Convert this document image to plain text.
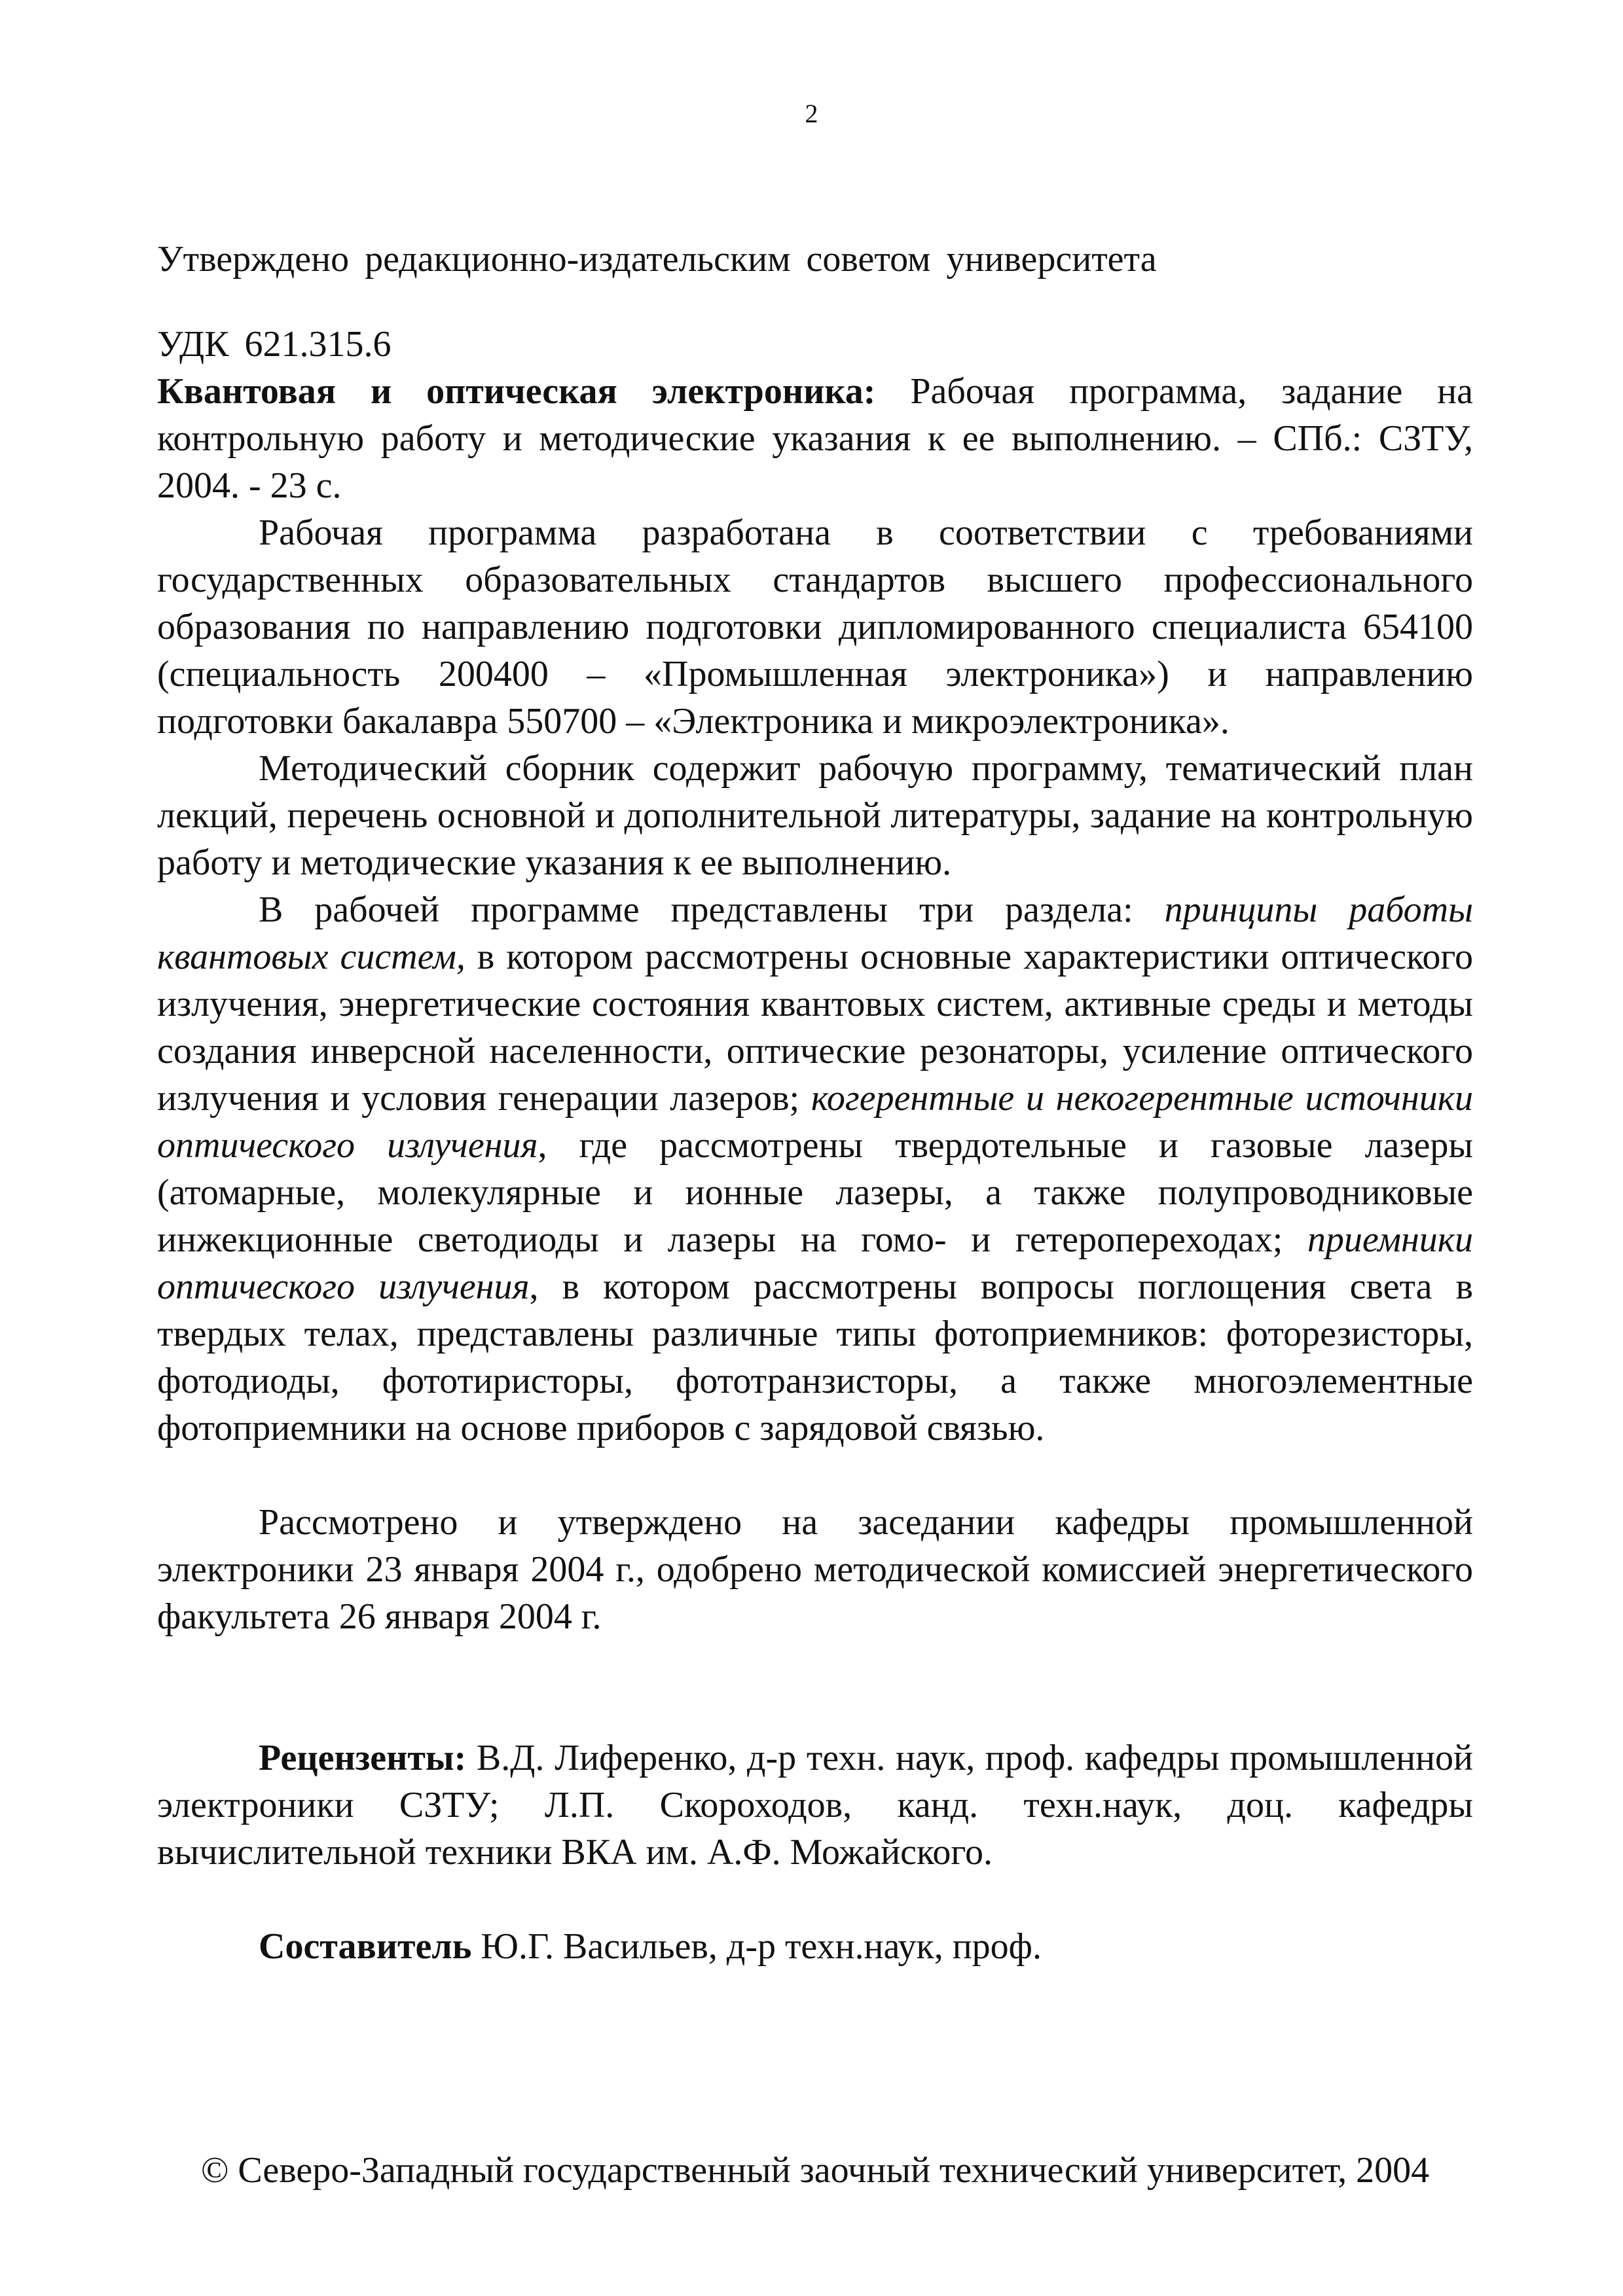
2

Утверждено редакционно-издательским советом университета

УДК 621.315.6

Квантовая и оптическая электроника: Рабочая программа, задание на контрольную работу и методические указания к ее выполнению. – СПб.: СЗТУ, 2004. - 23 с.

Рабочая программа разработана в соответствии с требованиями государственных образовательных стандартов высшего профессионального образования по направлению подготовки дипломированного специалиста 654100 (специальность 200400 – «Промышленная электроника») и направлению подготовки бакалавра 550700 – «Электроника и микроэлектроника».

Методический сборник содержит рабочую программу, тематический план лекций, перечень основной и дополнительной литературы, задание на контрольную работу и методические указания к ее выполнению.

В рабочей программе представлены три раздела: принципы работы квантовых систем, в котором рассмотрены основные характеристики оптического излучения, энергетические состояния квантовых систем, активные среды и методы создания инверсной населенности, оптические резонаторы, усиление оптического излучения и условия генерации лазеров; когерентные и некогерентные источники оптического излучения, где рассмотрены твердотельные и газовые лазеры (атомарные, молекулярные и ионные лазеры, а также полупроводниковые инжекционные светодиоды и лазеры на гомо- и гетеропереходах; приемники оптического излучения, в котором рассмотрены вопросы поглощения света в твердых телах, представлены различные типы фотоприемников: фоторезисторы, фотодиоды, фототиристоры, фототранзисторы, а также многоэлементные фотоприемники на основе приборов с зарядовой связью.

Рассмотрено и утверждено на заседании кафедры промышленной электроники 23 января 2004 г., одобрено методической комиссией энергетического факультета 26 января 2004 г.

Рецензенты: В.Д. Лиференко, д-р техн. наук, проф. кафедры промышленной электроники СЗТУ; Л.П. Скороходов, канд. техн.наук, доц. кафедры вычислительной техники ВКА им. А.Ф. Можайского.

Составитель Ю.Г. Васильев, д-р техн.наук, проф.

© Северо-Западный государственный заочный технический университет, 2004
